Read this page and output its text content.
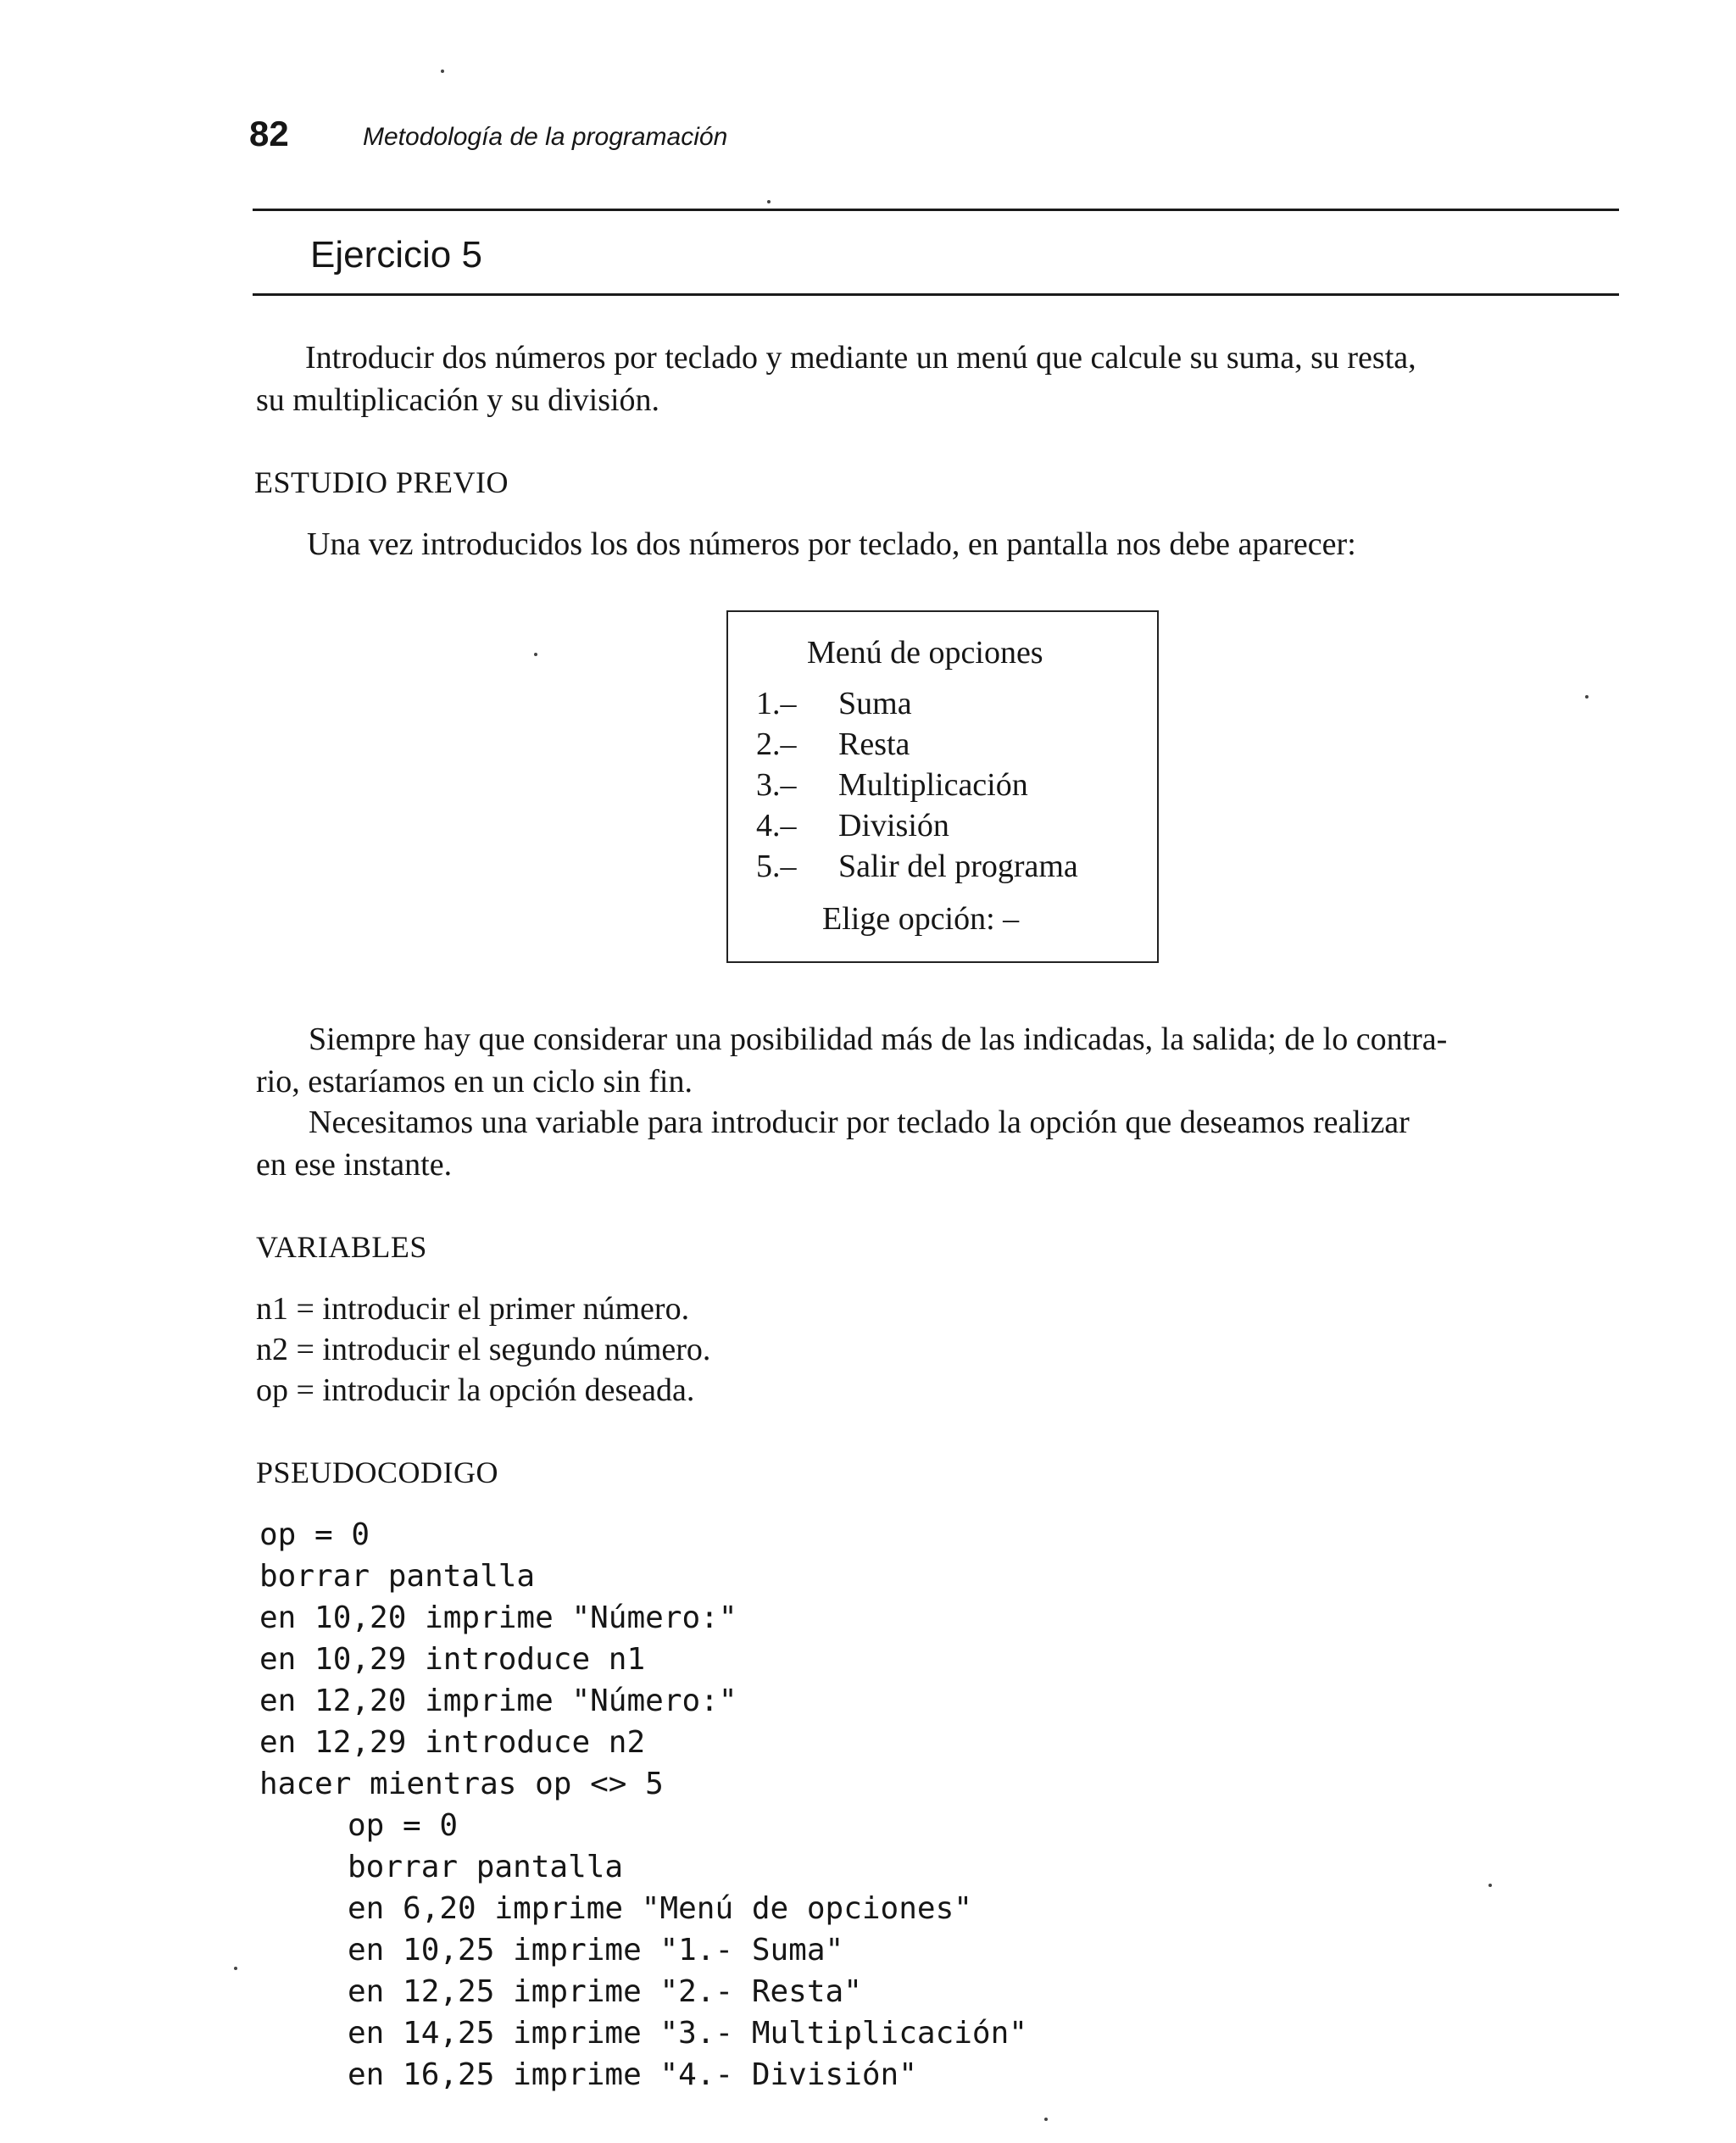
82	Metodología de la programación
Ejercicio 5
Introducir dos números por teclado y mediante un menú que calcule su suma, su resta,
su multiplicación y su división.
ESTUDIO PREVIO
Una vez introducidos los dos números por teclado, en pantalla nos debe aparecer:
Menú de opciones
1.– Suma
2.– Resta
3.– Multiplicación
4.– División
5.– Salir del programa
Elige opción: –
Siempre hay que considerar una posibilidad más de las indicadas, la salida; de lo contra-
rio, estaríamos en un ciclo sin fin.
Necesitamos una variable para introducir por teclado la opción que deseamos realizar
en ese instante.
VARIABLES
n1 = introducir el primer número.
n2 = introducir el segundo número.
op = introducir la opción deseada.
PSEUDOCODIGO
op = 0
borrar pantalla
en 10,20 imprime "Número:"
en 10,29 introduce n1
en 12,20 imprime "Número:"
en 12,29 introduce n2
hacer mientras op <> 5
op = 0
borrar pantalla
en 6,20 imprime "Menú de opciones"
en 10,25 imprime "1.- Suma"
en 12,25 imprime "2.- Resta"
en 14,25 imprime "3.- Multiplicación"
en 16,25 imprime "4.- División"
